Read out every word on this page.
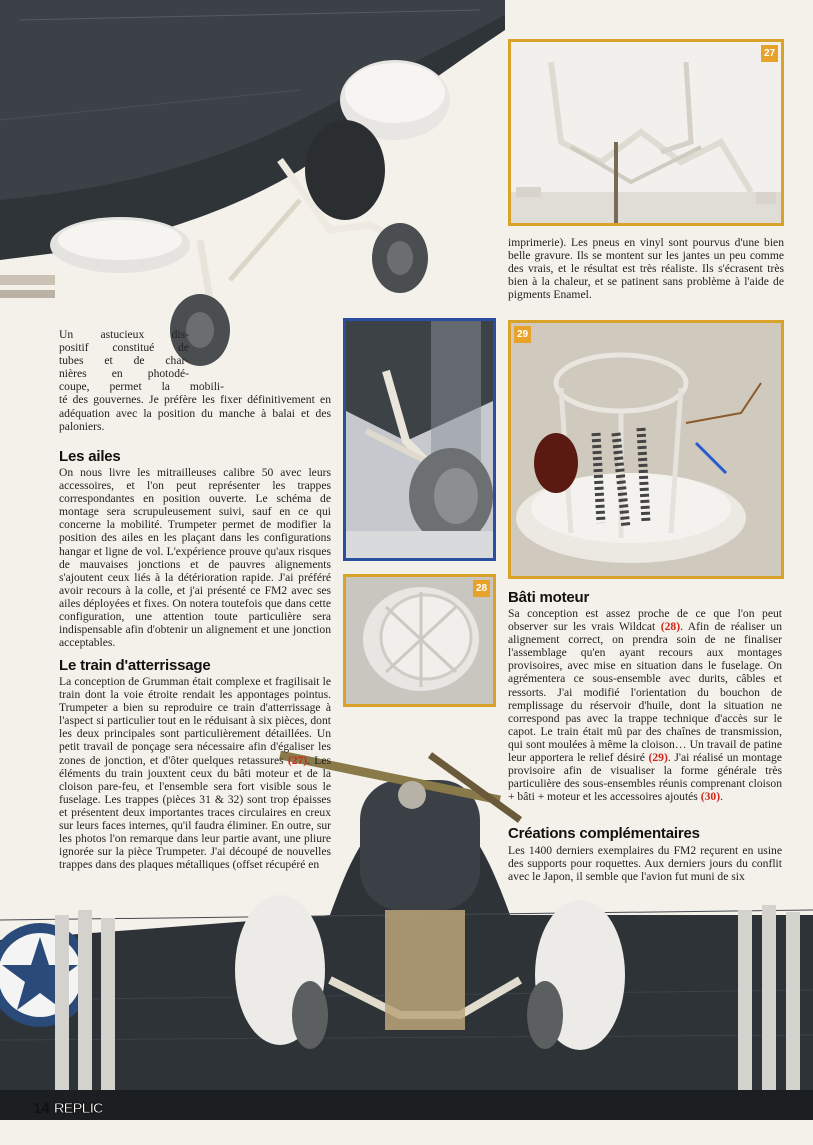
27
28
29
Un astucieux dis-
positif constitué de
tubes et de char-
nières en photodé-
coupe, permet la mobili-

té des gouvernes. Je préfère les fixer définitivement en adéquation avec la position du manche à balai et des paloniers.

Les ailes

On nous livre les mitrailleuses calibre 50 avec leurs accessoires, et l'on peut représenter les trappes correspondantes en position ouverte. Le schéma de montage sera scrupuleusement suivi, sauf en ce qui concerne la mobilité. Trumpeter permet de modifier la position des ailes en les plaçant dans les configurations hangar et ligne de vol. L'expérience prouve qu'aux risques de mauvaises jonctions et de pauvres alignements s'ajoutent ceux liés à la détérioration rapide. J'ai préféré avoir recours à la colle, et j'ai présenté ce FM2 avec ses ailes déployées et fixes. On notera toutefois que dans cette configuration, une attention toute particulière sera indispensable afin d'obtenir un alignement et une jonction acceptables.

Le train d'atterrissage

La conception de Grumman était complexe et fragilisait le train dont la voie étroite rendait les appontages pointus. Trumpeter a bien su reproduire ce train d'atterrissage à l'aspect si particulier tout en le réduisant à six pièces, dont les deux principales sont particulièrement détaillées. Un petit travail de ponçage sera nécessaire afin d'égaliser les zones de jonction, et d'ôter quelques retassures (27). Les éléments du train jouxtent ceux du bâti moteur et de la cloison pare-feu, et l'ensemble sera fort visible sous le fuselage. Les trappes (pièces 31 & 32) sont trop épaisses et présentent deux importantes traces circulaires en creux sur leurs faces internes, qu'il faudra éliminer. En outre, sur les photos l'on remarque dans leur partie avant, une pliure ignorée sur la pièce Trumpeter. J'ai découpé de nouvelles trappes dans des plaques métalliques (offset récupéré en

imprimerie). Les pneus en vinyl sont pourvus d'une bien belle gravure. Ils se montent sur les jantes un peu comme des vrais, et le résultat est très réaliste. Ils s'écrasent très bien à la chaleur, et se patinent sans problème à l'aide de pigments Enamel.

Bâti moteur

Sa conception est assez proche de ce que l'on peut observer sur les vrais Wildcat (28). Afin de réaliser un alignement correct, on prendra soin de ne finaliser l'assemblage qu'en ayant recours aux montages provisoires, avec mise en situation dans le fuselage. On agrémentera ce sous-ensemble avec durits, câbles et ressorts. J'ai modifié l'orientation du bouchon de remplissage du réservoir d'huile, dont la situation ne correspond pas avec la trappe technique d'accès sur le capot. Le train était mû par des chaînes de transmission, qui sont moulées à même la cloison… Un travail de patine leur apportera le relief désiré (29). J'ai réalisé un montage provisoire afin de visualiser la forme générale très particulière des sous-ensembles réunis comprenant cloison + bâti + moteur et les accessoires ajoutés (30).

Créations complémentaires

Les 1400 derniers exemplaires du FM2 reçurent en usine des supports pour roquettes. Aux derniers jours du conflit avec le Japon, il semble que l'avion fut muni de six

14 REPLIC
